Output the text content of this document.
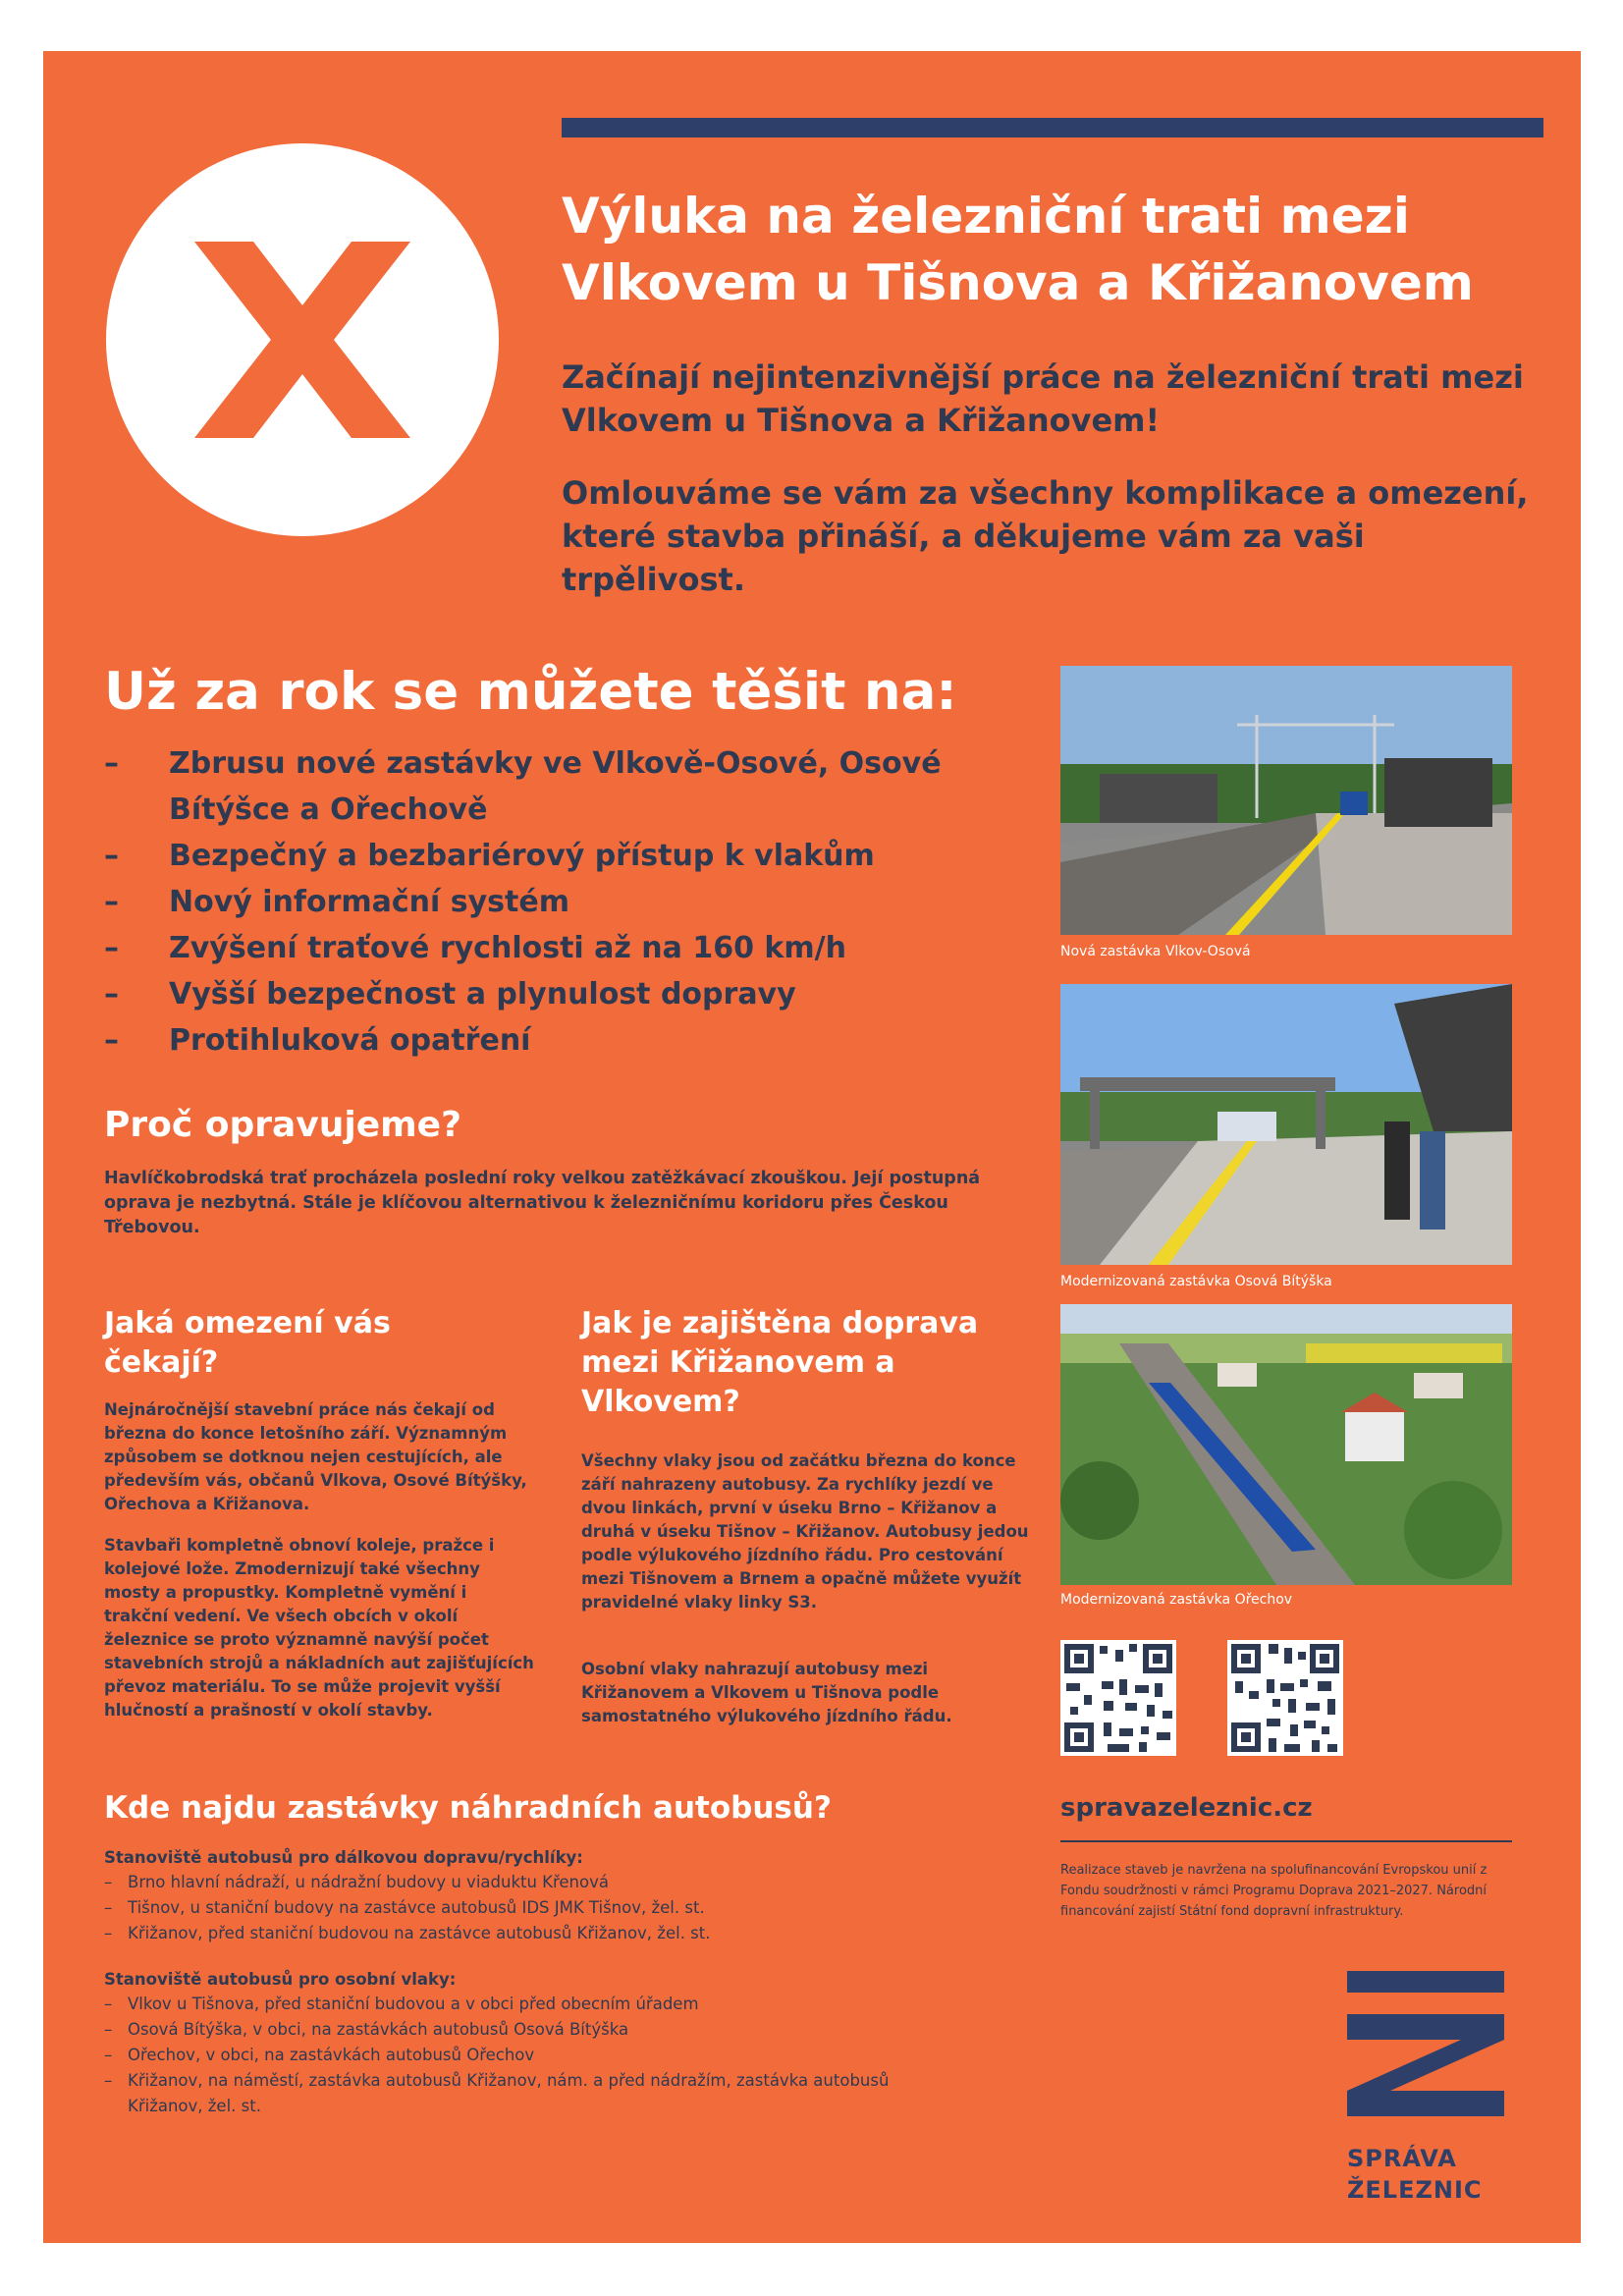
Výluka na železniční trati mezi Vlkovem u Tišnova a Křižanovem

Začínají nejintenzivnější práce na železniční trati mezi Vlkovem u Tišnova a Křižanovem!

Omlouváme se vám za všechny komplikace a omezení, které stavba přináší, a děkujeme vám za vaši trpělivost.

Už za rok se můžete těšit na:
– Zbrusu nové zastávky ve Vlkově-Osové, Osové Bítýšce a Ořechově
– Bezpečný a bezbariérový přístup k vlakům
– Nový informační systém
– Zvýšení traťové rychlosti až na 160 km/h
– Vyšší bezpečnost a plynulost dopravy
– Protihluková opatření
Proč opravujeme?

Havlíčkobrodská trať procházela poslední roky velkou zatěžkávací zkouškou. Její postupná oprava je nezbytná. Stále je klíčovou alternativou k železničnímu koridoru přes Českou Třebovou.

Jaká omezení vás čekají?

Nejnáročnější stavební práce nás čekají od března do konce letošního září. Významným způsobem se dotknou nejen cestujících, ale především vás, občanů Vlkova, Osové Bítýšky, Ořechova a Křižanova.

Stavbaři kompletně obnoví koleje, pražce i kolejové lože. Zmodernizují také všechny mosty a propustky. Kompletně vymění i trakční vedení. Ve všech obcích v okolí železnice se proto významně navýší počet stavebních strojů a nákladních aut zajišťujících převoz materiálu. To se může projevit vyšší hlučností a prašností v okolí stavby.

Jak je zajištěna doprava mezi Křižanovem a Vlkovem?

Všechny vlaky jsou od začátku března do konce září nahrazeny autobusy. Za rychlíky jezdí ve dvou linkách, první v úseku Brno – Křižanov a druhá v úseku Tišnov – Křižanov. Autobusy jedou podle výlukového jízdního řádu. Pro cestování mezi Tišnovem a Brnem a opačně můžete využít pravidelné vlaky linky S3.

Osobní vlaky nahrazují autobusy mezi Křižanovem a Vlkovem u Tišnova podle samostatného výlukového jízdního řádu.

Kde najdu zastávky náhradních autobusů?

Stanoviště autobusů pro dálkovou dopravu/rychlíky:

– Brno hlavní nádraží, u nádražní budovy u viaduktu Křenová
– Tišnov, u staniční budovy na zastávce autobusů IDS JMK Tišnov, žel. st.
– Křižanov, před staniční budovou na zastávce autobusů Křižanov, žel. st.

Stanoviště autobusů pro osobní vlaky:

– Vlkov u Tišnova, před staniční budovou a v obci před obecním úřadem
– Osová Bítýška, v obci, na zastávkách autobusů Osová Bítýška
– Ořechov, v obci, na zastávkách autobusů Ořechov
– Křižanov, na náměstí, zastávka autobusů Křižanov, nám. a před nádražím, zastávka autobusů Křižanov, žel. st.

Nová zastávka Vlkov-Osová

Modernizovaná zastávka Osová Bítýška

Modernizovaná zastávka Ořechov

spravazeleznic.cz

Realizace staveb je navržena na spolufinancování Evropskou unií z Fondu soudržnosti v rámci Programu Doprava 2021–2027. Národní financování zajistí Státní fond dopravní infrastruktury.

SPRÁVA
ŽELEZNIC
